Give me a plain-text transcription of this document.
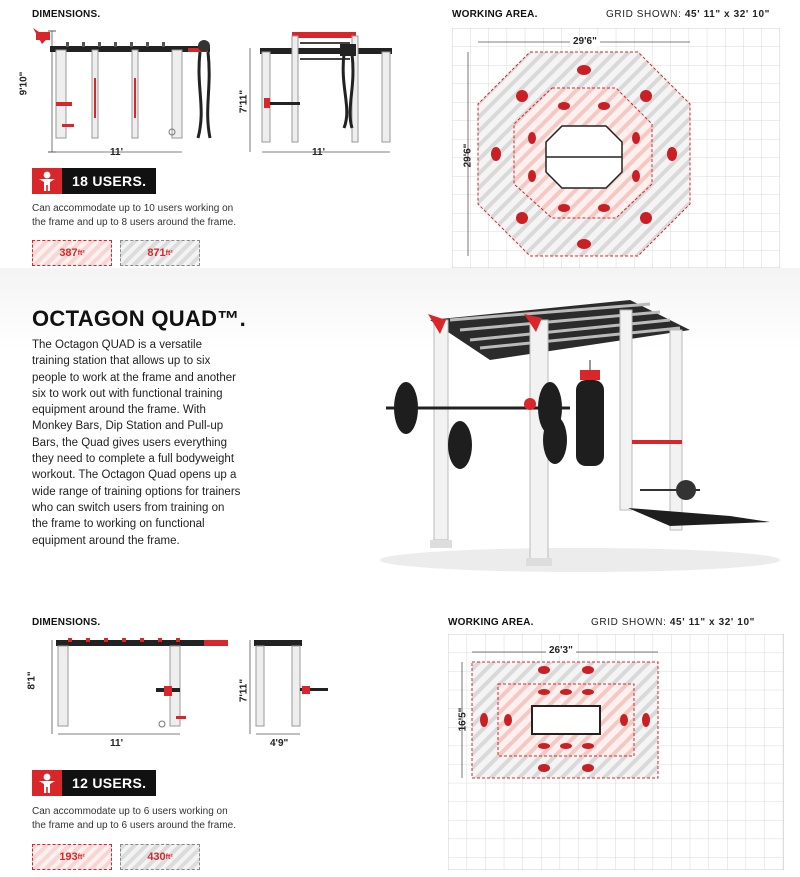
DIMENSIONS.	WORKING AREA.	GRID SHOWN: 45' 11" x 32' 10"
9'10"
11'
7'11"
11'
18 USERS.
Can accommodate up to 10 users working on the frame and up to 8 users around the frame.
387 ft²	871 ft²
29'6"
29'6"
OCTAGON QUAD™.
The Octagon QUAD is a versatile training station that allows up to six people to work at the frame and another six to work out with functional training equipment around the frame. With Monkey Bars, Dip Station and Pull-up Bars, the Quad gives users everything they need to complete a full bodyweight workout. The Octagon Quad opens up a wide range of training options for trainers who can switch users from training on the frame to working on functional equipment around the frame.
DIMENSIONS.	WORKING AREA.	GRID SHOWN: 45' 11" x 32' 10"
8'1"
11'
7'11"
4'9"
12 USERS.
Can accommodate up to 6 users working on the frame and up to 6 users around the frame.
193 ft²	430 ft²
26'3"
16'5"
